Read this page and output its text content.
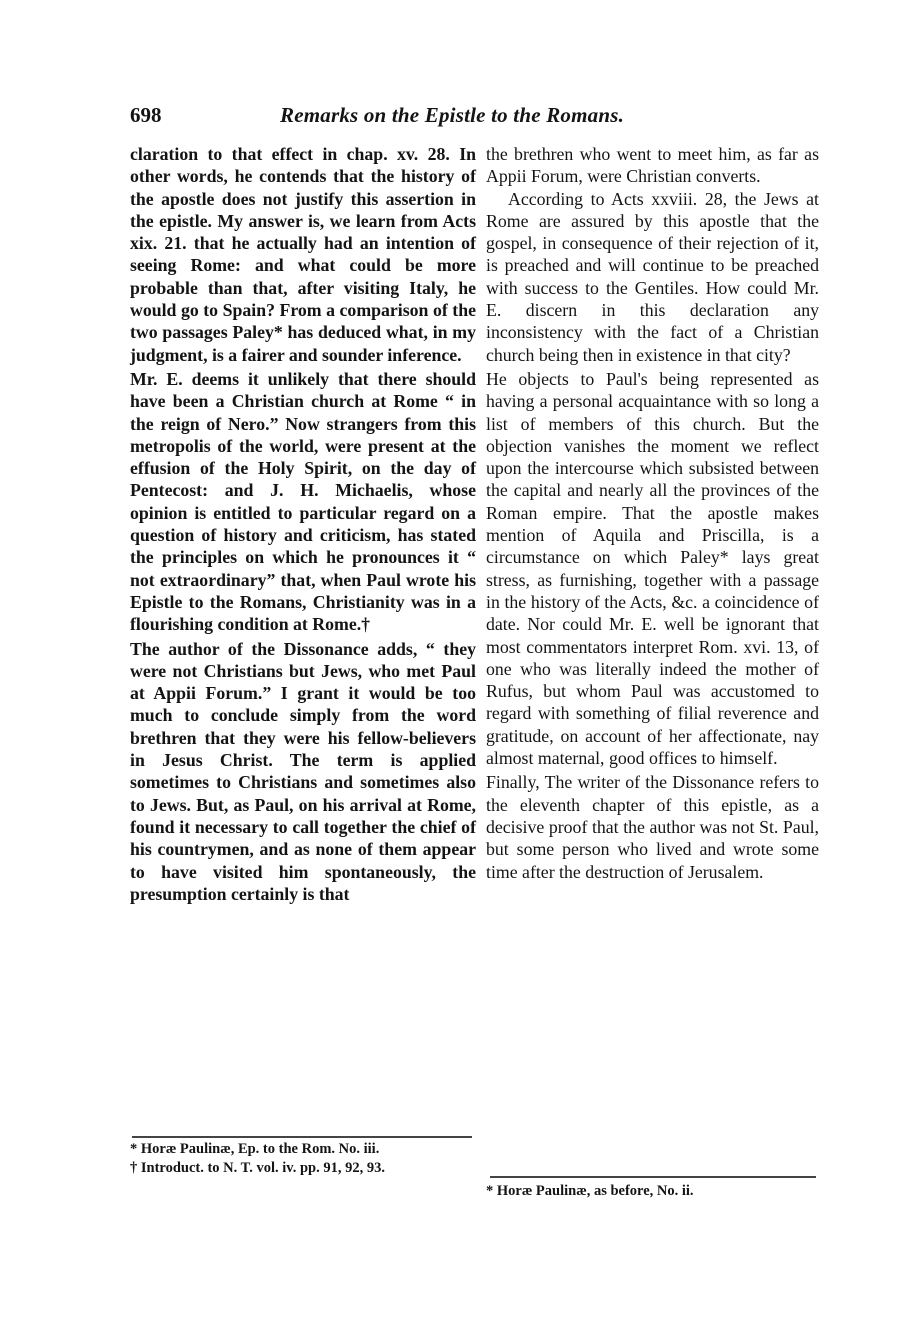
698	Remarks on the Epistle to the Romans.

claration to that effect in chap. xv. 28. In other words, he contends that the history of the apostle does not justify this assertion in the epistle. My answer is, we learn from Acts xix. 21. that he actually had an intention of seeing Rome: and what could be more probable than that, after visiting Italy, he would go to Spain? From a comparison of the two passages Paley* has deduced what, in my judgment, is a fairer and sounder inference.

Mr. E. deems it unlikely that there should have been a Christian church at Rome “ in the reign of Nero.” Now strangers from this metropolis of the world, were present at the effusion of the Holy Spirit, on the day of Pentecost: and J. H. Michaelis, whose opinion is entitled to particular regard on a question of history and criticism, has stated the principles on which he pronounces it “ not extraordinary” that, when Paul wrote his Epistle to the Romans, Christianity was in a flourishing condition at Rome.†

The author of the Dissonance adds, “ they were not Christians but Jews, who met Paul at Appii Forum.” I grant it would be too much to conclude simply from the word brethren that they were his fellow-believers in Jesus Christ. The term is applied sometimes to Christians and sometimes also to Jews. But, as Paul, on his arrival at Rome, found it necessary to call together the chief of his countrymen, and as none of them appear to have visited him spontaneously, the presumption certainly is that

the brethren who went to meet him, as far as Appii Forum, were Christian converts.

According to Acts xxviii. 28, the Jews at Rome are assured by this apostle that the gospel, in consequence of their rejection of it, is preached and will continue to be preached with success to the Gentiles. How could Mr. E. discern in this declaration any inconsistency with the fact of a Christian church being then in existence in that city?

He objects to Paul's being represented as having a personal acquaintance with so long a list of members of this church. But the objection vanishes the moment we reflect upon the intercourse which subsisted between the capital and nearly all the provinces of the Roman empire. That the apostle makes mention of Aquila and Priscilla, is a circumstance on which Paley* lays great stress, as furnishing, together with a passage in the history of the Acts, &c. a coincidence of date. Nor could Mr. E. well be ignorant that most commentators interpret Rom. xvi. 13, of one who was literally indeed the mother of Rufus, but whom Paul was accustomed to regard with something of filial reverence and gratitude, on account of her affectionate, nay almost maternal, good offices to himself.

Finally, The writer of the Dissonance refers to the eleventh chapter of this epistle, as a decisive proof that the author was not St. Paul, but some person who lived and wrote some time after the destruction of Jerusalem.

* Horæ Paulinæ, Ep. to the Rom. No. iii.
† Introduct. to N. T. vol. iv. pp. 91, 92, 93.
* Horæ Paulinæ, as before, No. ii.
